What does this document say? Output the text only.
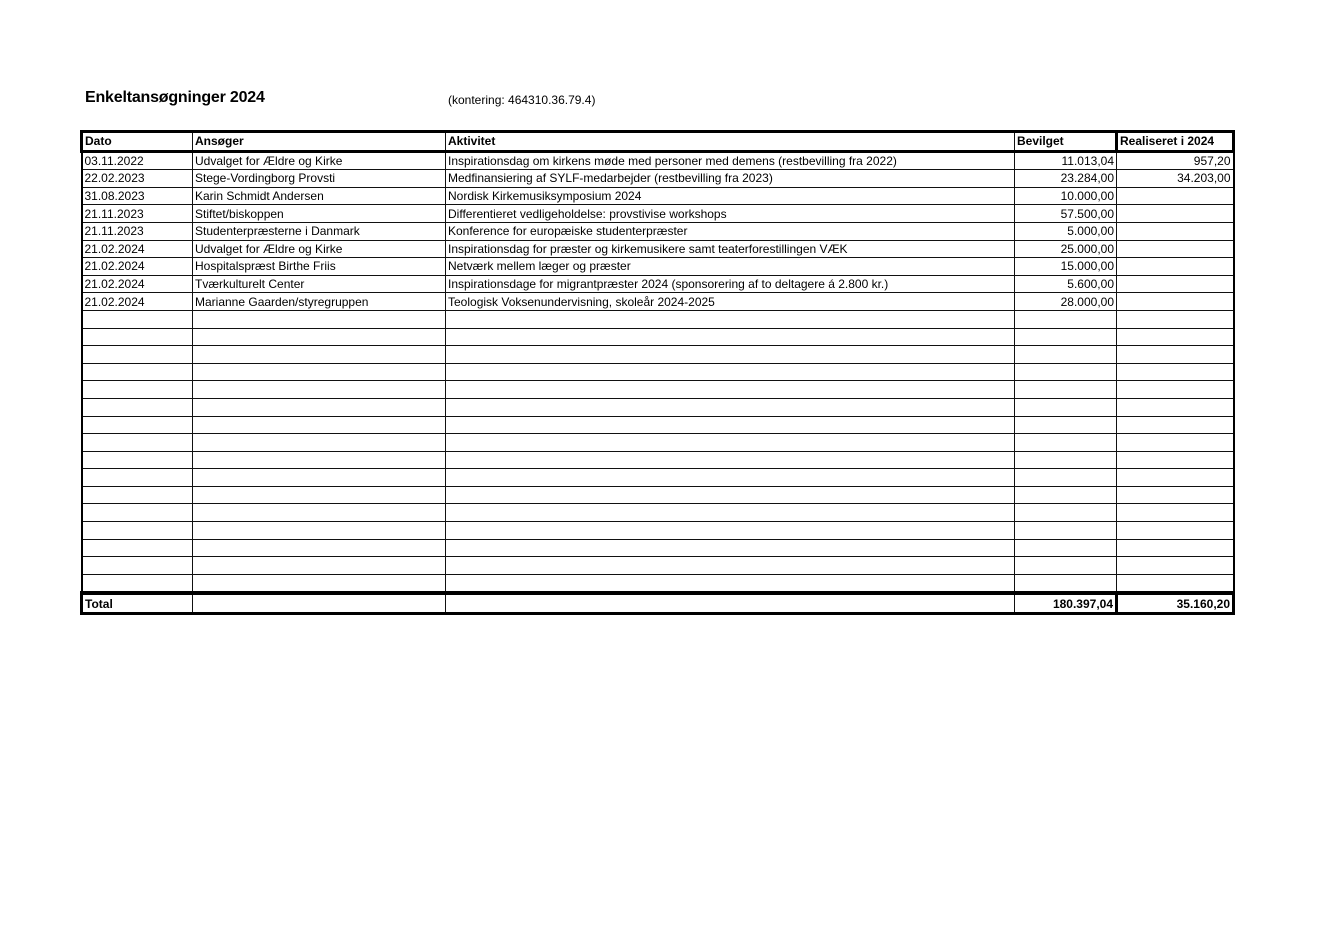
Enkeltansøgninger 2024	(kontering: 464310.36.79.4)
Dato	Ansøger	Aktivitet	Bevilget	Realiseret i 2024
03.11.2022	Udvalget for Ældre og Kirke	Inspirationsdag om kirkens møde med personer med demens (restbevilling fra 2022)	11.013,04	957,20
22.02.2023	Stege-Vordingborg Provsti	Medfinansiering af SYLF-medarbejder (restbevilling fra 2023)	23.284,00	34.203,00
31.08.2023	Karin Schmidt Andersen	Nordisk Kirkemusiksymposium 2024	10.000,00	
21.11.2023	Stiftet/biskoppen	Differentieret vedligeholdelse: provstivise workshops	57.500,00	
21.11.2023	Studenterpræsterne i Danmark	Konference for europæiske studenterpræster	5.000,00	
21.02.2024	Udvalget for Ældre og Kirke	Inspirationsdag for præster og kirkemusikere samt teaterforestillingen VÆK	25.000,00	
21.02.2024	Hospitalspræst Birthe Friis	Netværk mellem læger og præster	15.000,00	
21.02.2024	Tværkulturelt Center	Inspirationsdage for migrantpræster 2024 (sponsorering af to deltagere á 2.800 kr.)	5.600,00	
21.02.2024	Marianne Gaarden/styregruppen	Teologisk Voksenundervisning, skoleår 2024-2025	28.000,00	

Total			180.397,04	35.160,20
